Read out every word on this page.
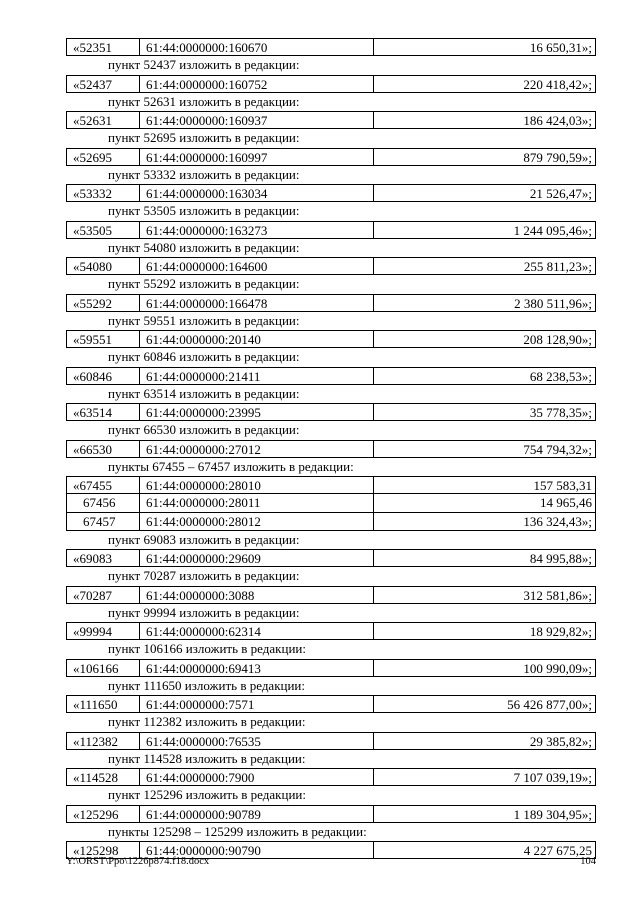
«52351	61:44:0000000:160670	16 650,31»;
пункт 52437 изложить в редакции:
«52437	61:44:0000000:160752	220 418,42»;
пункт 52631 изложить в редакции:
«52631	61:44:0000000:160937	186 424,03»;
пункт 52695 изложить в редакции:
«52695	61:44:0000000:160997	879 790,59»;
пункт 53332 изложить в редакции:
«53332	61:44:0000000:163034	21 526,47»;
пункт 53505 изложить в редакции:
«53505	61:44:0000000:163273	1 244 095,46»;
пункт 54080 изложить в редакции:
«54080	61:44:0000000:164600	255 811,23»;
пункт 55292 изложить в редакции:
«55292	61:44:0000000:166478	2 380 511,96»;
пункт 59551 изложить в редакции:
«59551	61:44:0000000:20140	208 128,90»;
пункт 60846 изложить в редакции:
«60846	61:44:0000000:21411	68 238,53»;
пункт 63514 изложить в редакции:
«63514	61:44:0000000:23995	35 778,35»;
пункт 66530 изложить в редакции:
«66530	61:44:0000000:27012	754 794,32»;
пункты 67455 – 67457 изложить в редакции:
«67455	61:44:0000000:28010	157 583,31
67456	61:44:0000000:28011	14 965,46
67457	61:44:0000000:28012	136 324,43»;
пункт 69083 изложить в редакции:
«69083	61:44:0000000:29609	84 995,88»;
пункт 70287 изложить в редакции:
«70287	61:44:0000000:3088	312 581,86»;
пункт 99994 изложить в редакции:
«99994	61:44:0000000:62314	18 929,82»;
пункт 106166 изложить в редакции:
«106166	61:44:0000000:69413	100 990,09»;
пункт 111650 изложить в редакции:
«111650	61:44:0000000:7571	56 426 877,00»;
пункт 112382 изложить в редакции:
«112382	61:44:0000000:76535	29 385,82»;
пункт 114528 изложить в редакции:
«114528	61:44:0000000:7900	7 107 039,19»;
пункт 125296 изложить в редакции:
«125296	61:44:0000000:90789	1 189 304,95»;
пункты 125298 – 125299 изложить в редакции:
«125298	61:44:0000000:90790	4 227 675,25
Y:\ORST\Ppo\1226p874.f18.docx	104
